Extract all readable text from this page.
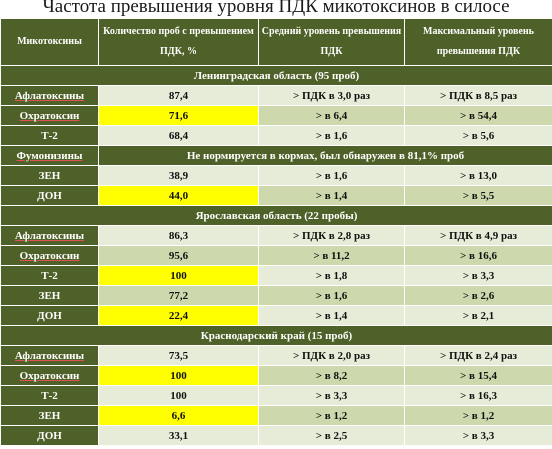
Частота превышения уровня ПДК микотоксинов в силосе
Микотоксины	Количество проб с превышением ПДК, %	Средний уровень превышения ПДК	Максимальный уровень превышения ПДК
Ленинградская область (95 проб)			
Афлатоксины	87,4	> ПДК в 3,0 раз	> ПДК в 8,5 раз
Охратоксин	71,6	> в 6,4	> в 54,4
Т-2	68,4	> в 1,6	> в 5,6
Фумонизины	Не нормируется в кормах, был обнаружен в 81,1% проб		
ЗЕН	38,9	> в 1,6	> в 13,0
ДОН	44,0	> в 1,4	> в 5,5
Ярославская область (22 пробы)			
Афлатоксины	86,3	> ПДК в 2,8 раз	> ПДК в 4,9 раз
Охратоксин	95,6	> в 11,2	> в 16,6
Т-2	100	> в 1,8	> в 3,3
ЗЕН	77,2	> в 1,6	> в 2,6
ДОН	22,4	> в 1,4	> в 2,1
Краснодарский край (15 проб)			
Афлатоксины	73,5	> ПДК в 2,0 раз	> ПДК в 2,4 раз
Охратоксин	100	> в 8,2	> в 15,4
Т-2	100	> в 3,3	> в 16,3
ЗЕН	6,6	> в 1,2	> в 1,2
ДОН	33,1	> в 2,5	> в 3,3
